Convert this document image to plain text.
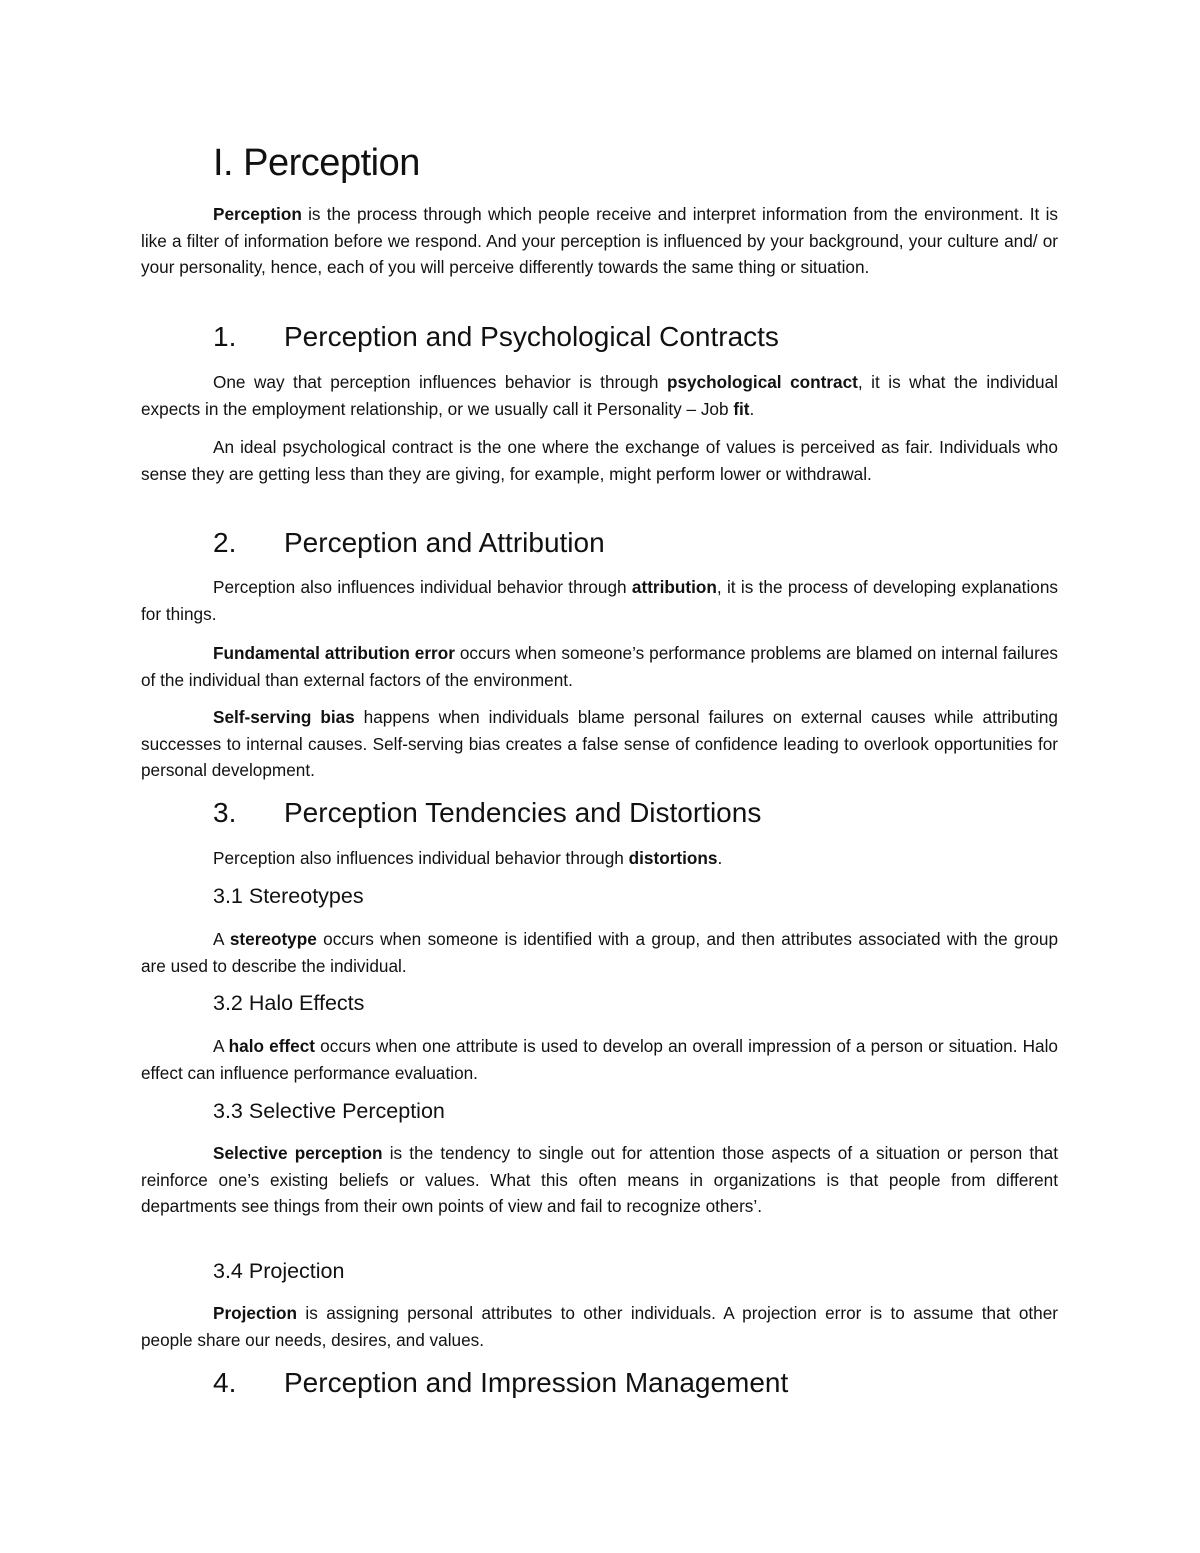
I. Perception

Perception is the process through which people receive and interpret information from the environment. It is like a filter of information before we respond. And your perception is influenced by your background, your culture and/ or your personality, hence, each of you will perceive differently towards the same thing or situation.

1. Perception and Psychological Contracts

One way that perception influences behavior is through psychological contract, it is what the individual expects in the employment relationship, or we usually call it Personality – Job fit.

An ideal psychological contract is the one where the exchange of values is perceived as fair. Individuals who sense they are getting less than they are giving, for example, might perform lower or withdrawal.

2. Perception and Attribution

Perception also influences individual behavior through attribution, it is the process of developing explanations for things.

Fundamental attribution error occurs when someone’s performance problems are blamed on internal failures of the individual than external factors of the environment.

Self-serving bias happens when individuals blame personal failures on external causes while attributing successes to internal causes. Self-serving bias creates a false sense of confidence leading to overlook opportunities for personal development.

3. Perception Tendencies and Distortions

Perception also influences individual behavior through distortions.

3.1 Stereotypes

A stereotype occurs when someone is identified with a group, and then attributes associated with the group are used to describe the individual.

3.2 Halo Effects

A halo effect occurs when one attribute is used to develop an overall impression of a person or situation. Halo effect can influence performance evaluation.

3.3 Selective Perception

Selective perception is the tendency to single out for attention those aspects of a situation or person that reinforce one’s existing beliefs or values. What this often means in organizations is that people from different departments see things from their own points of view and fail to recognize others’.

3.4 Projection

Projection is assigning personal attributes to other individuals. A projection error is to assume that other people share our needs, desires, and values.

4. Perception and Impression Management
